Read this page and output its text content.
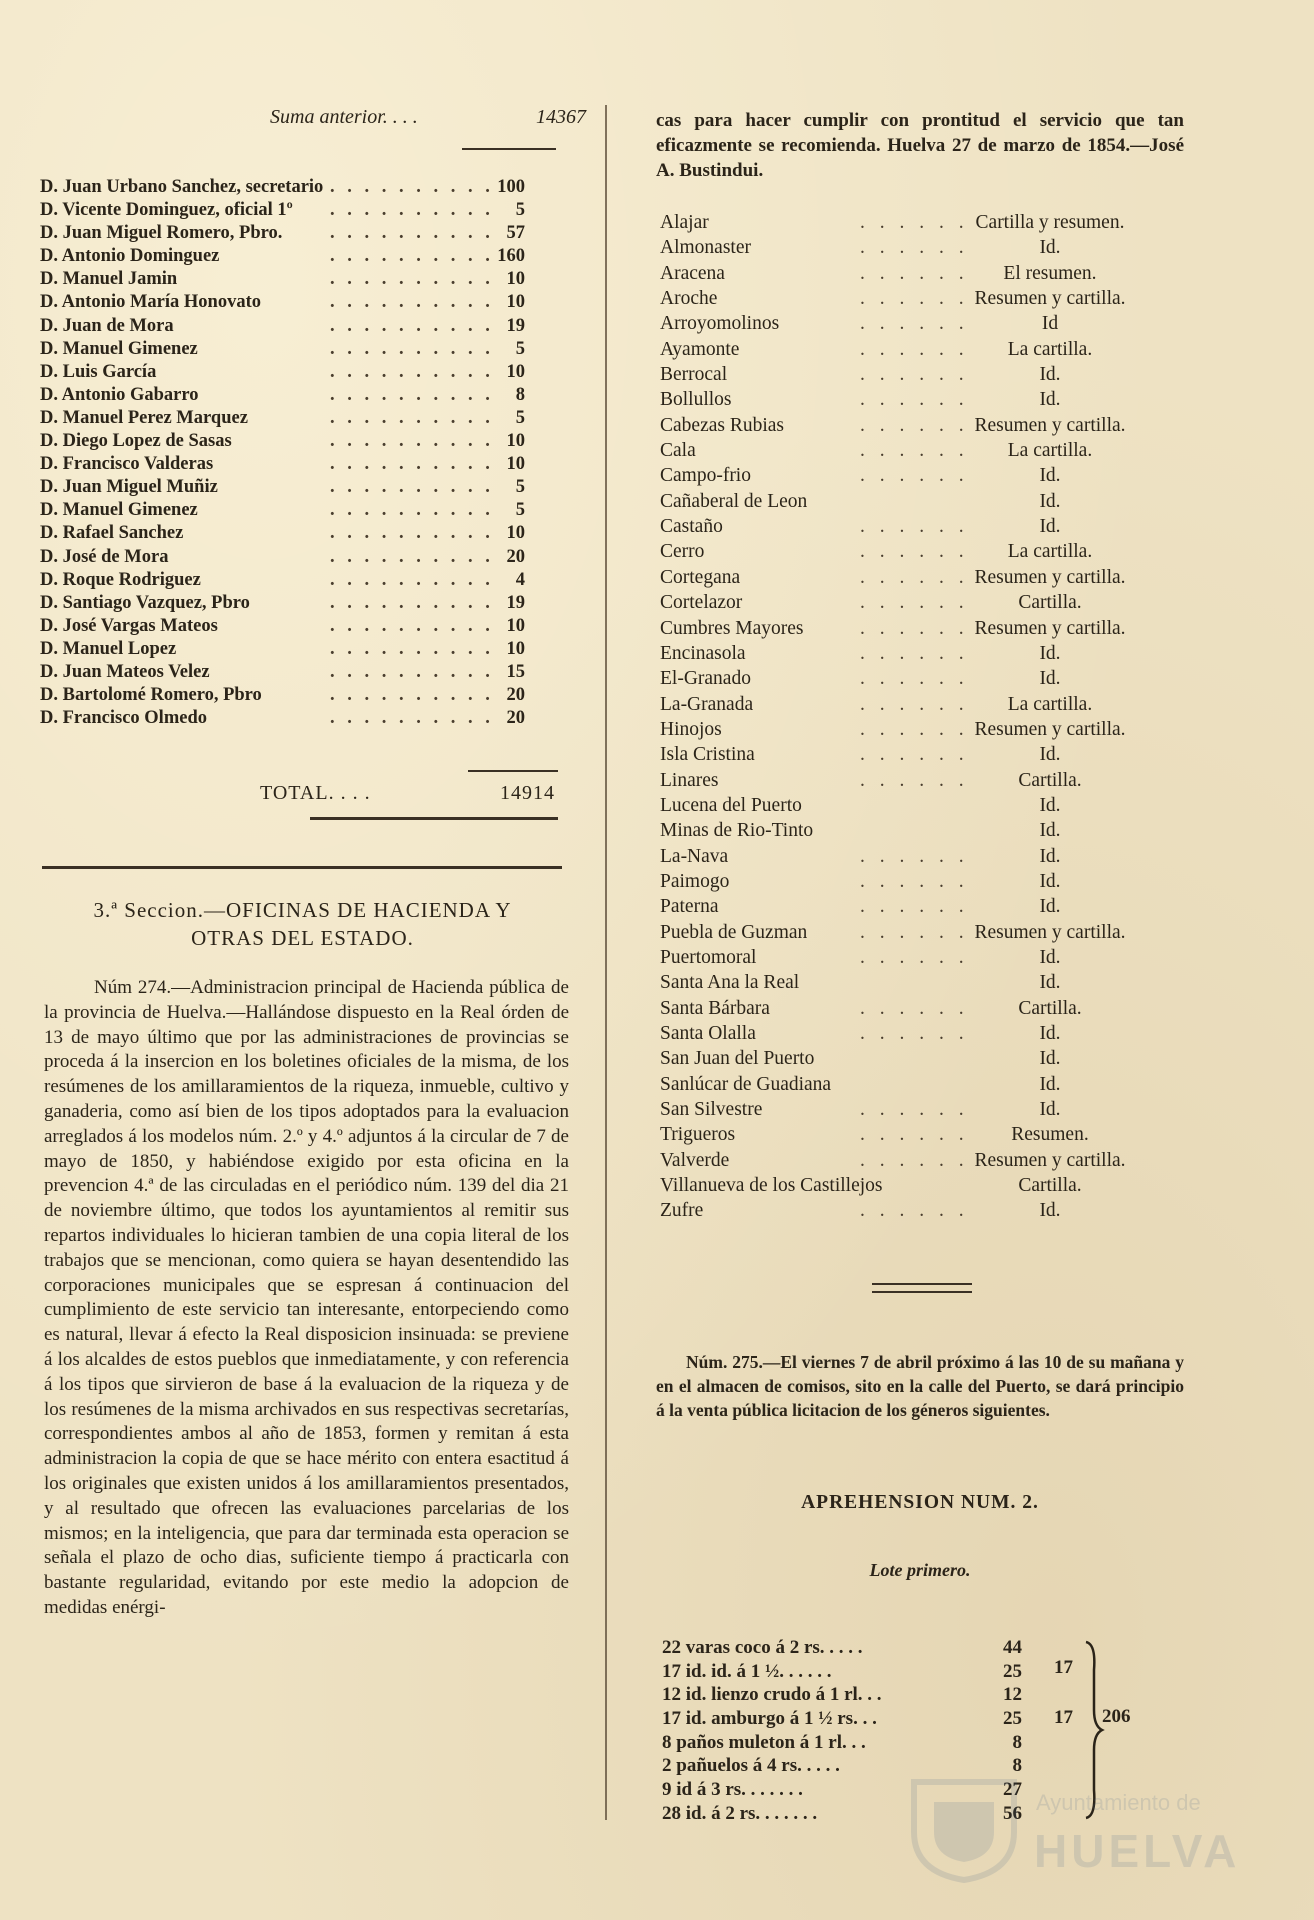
Suma anterior. . . .	14367
D. Juan Urbano Sanchez, secretario . . . . . . . . . . 100
D. Vicente Dominguez, oficial 1º . . . . . . . . . .	5
D. Juan Miguel Romero, Pbro.	. . . . . . . . . . 57
D. Antonio Dominguez	. . . . . . . . . . 160
D. Manuel Jamin	. . . . . . . . . . 10
D. Antonio María Honovato	. . . . . . . . . . 10
D. Juan de Mora	. . . . . . . . . . 19
D. Manuel Gimenez	. . . . . . . . . .	5
D. Luis García	. . . . . . . . . . 10
D. Antonio Gabarro	. . . . . . . . . .	8
D. Manuel Perez Marquez	. . . . . . . . . .	5
D. Diego Lopez de Sasas	. . . . . . . . . . 10
D. Francisco Valderas	. . . . . . . . . . 10
D. Juan Miguel Muñiz	. . . . . . . . . .	5
D. Manuel Gimenez	. . . . . . . . . .	5
D. Rafael Sanchez	. . . . . . . . . . 10
D. José de Mora	. . . . . . . . . . 20
D. Roque Rodriguez	. . . . . . . . . .	4
D. Santiago Vazquez, Pbro	. . . . . . . . . . 19
D. José Vargas Mateos	. . . . . . . . . . 10
D. Manuel Lopez	. . . . . . . . . . 10
D. Juan Mateos Velez	. . . . . . . . . . 15
D. Bartolomé Romero, Pbro	. . . . . . . . . . 20
D. Francisco Olmedo	. . . . . . . . . . 20
TOTAL. . . .	14914
3.ª Seccion.—OFICINAS DE HACIENDA Y
OTRAS DEL ESTADO.

Núm 274.—Administracion principal de Hacienda pública de la provincia de Huelva.—Hallándose dispuesto en la Real órden de 13 de mayo último que por las administraciones de provincias se proceda á la insercion en los boletines oficiales de la misma, de los resúmenes de los amillaramientos de la riqueza, inmueble, cultivo y ganaderia, como así bien de los tipos adoptados para la evaluacion arreglados á los modelos núm. 2.º y 4.º adjuntos á la circular de 7 de mayo de 1850, y habiéndose exigido por esta oficina en la prevencion 4.ª de las circuladas en el periódico núm. 139 del dia 21 de noviembre último, que todos los ayuntamientos al remitir sus repartos individuales lo hicieran tambien de una copia literal de los trabajos que se mencionan, como quiera se hayan desentendido las corporaciones municipales que se espresan á continuacion del cumplimiento de este servicio tan interesante, entorpeciendo como es natural, llevar á efecto la Real disposicion insinuada: se previene á los alcaldes de estos pueblos que inmediatamente, y con referencia á los tipos que sirvieron de base á la evaluacion de la riqueza y de los resúmenes de la misma archivados en sus respectivas secretarías, correspondientes ambos al año de 1853, formen y remitan á esta administracion la copia de que se hace mérito con entera esactitud á los originales que existen unidos á los amillaramientos presentados, y al resultado que ofrecen las evaluaciones parcelarias de los mismos; en la inteligencia, que para dar terminada esta operacion se señala el plazo de ocho dias, suficiente tiempo á practicarla con bastante regularidad, evitando por este medio la adopcion de medidas enérgi-

cas para hacer cumplir con prontitud el servicio que tan eficazmente se recomienda. Huelva 27 de marzo de 1854.—José A. Bustindui.

Alajar	. . . . . . Cartilla y resumen.
Almonaster	. . . . . .	Id.
Aracena	. . . . . .	El resumen.
Aroche	. . . . . . Resumen y cartilla.
Arroyomolinos	. . . . . .	Id
Ayamonte	. . . . . .	La cartilla.
Berrocal	. . . . . .	Id.
Bollullos	. . . . . .	Id.
Cabezas Rubias	. . . . . . Resumen y cartilla.
Cala	. . . . . .	La cartilla.
Campo-frio	. . . . . .	Id.
Cañaberal de Leon	Id.
Castaño	. . . . . .	Id.
Cerro	. . . . . .	La cartilla.
Cortegana	. . . . . . Resumen y cartilla.
Cortelazor	. . . . . .	Cartilla.
Cumbres Mayores	. . . . . . Resumen y cartilla.
Encinasola	. . . . . .	Id.
El-Granado	. . . . . .	Id.
La-Granada	. . . . . .	La cartilla.
Hinojos	. . . . . . Resumen y cartilla.
Isla Cristina	. . . . . .	Id.
Linares	. . . . . .	Cartilla.
Lucena del Puerto	Id.
Minas de Rio-Tinto	Id.
La-Nava	. . . . . .	Id.
Paimogo	. . . . . .	Id.
Paterna	. . . . . .	Id.
Puebla de Guzman	. . . . . . Resumen y cartilla.
Puertomoral	. . . . . .	Id.
Santa Ana la Real	Id.
Santa Bárbara	. . . . . .	Cartilla.
Santa Olalla	. . . . . .	Id.
San Juan del Puerto	Id.
Sanlúcar de Guadiana	Id.
San Silvestre	. . . . . .	Id.
Trigueros	. . . . . .	Resumen.
Valverde	. . . . . . Resumen y cartilla.
Villanueva de los Castillejos	Cartilla.
Zufre	. . . . . .	Id.

Núm. 275.—El viernes 7 de abril próximo á las 10 de su mañana y en el almacen de comisos, sito en la calle del Puerto, se dará principio á la venta pública licitacion de los géneros siguientes.

APREHENSION NUM. 2.
Lote primero.
22 varas coco á 2 rs. . . . .	44
17 id. id. á 1 ½. . . . . .	25
12 id. lienzo crudo á 1 rl. . .	12
17 id. amburgo á 1 ½ rs. . .	25
8 paños muleton á 1 rl. . .	8
2 pañuelos á 4 rs. . . . .	8
9 id á 3 rs. . . . . . .	27
28 id. á 2 rs. . . . . . .	56
17
17 206
Ayuntamiento de
HUELVA
